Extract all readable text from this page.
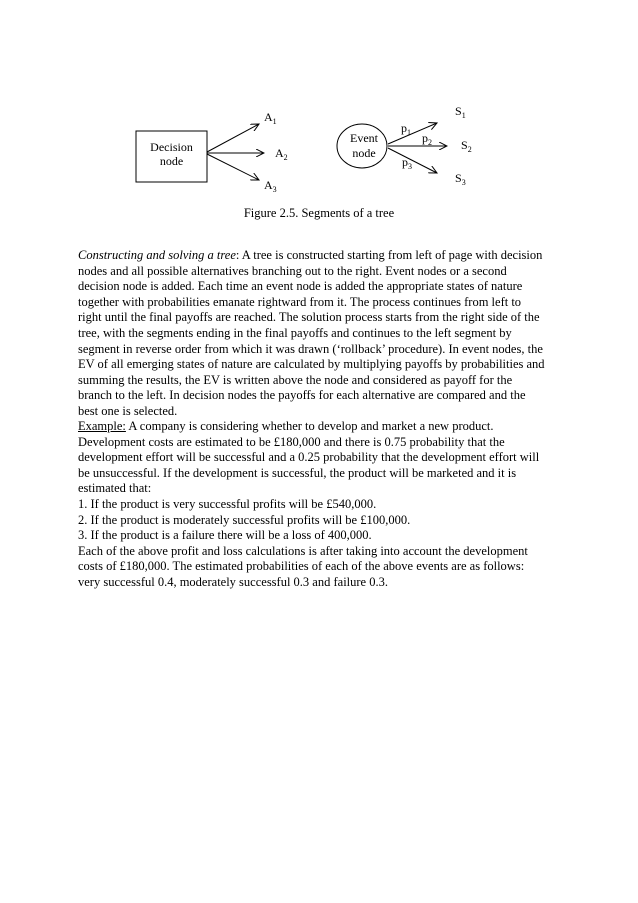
Decision
node
$A_1$
$A_2$
$A_3$
Event
node
$p_1$ $p_2$
$p_3$
$S_1$
$S_2$
$S_3$
Figure 2.5. Segments of a tree
Constructing and solving a tree: A tree is constructed starting from left of page with decision
nodes and all possible alternatives branching out to the right. Event nodes or a second
decision node is added. Each time an event node is added the appropriate states of nature
together with probabilities emanate rightward from it. The process continues from left to
right until the final payoffs are reached. The solution process starts from the right side of the
tree, with the segments ending in the final payoffs and continues to the left segment by
segment in reverse order from which it was drawn (‘rollback’ procedure). In event nodes, the
EV of all emerging states of nature are calculated by multiplying payoffs by probabilities and
summing the results, the EV is written above the node and considered as payoff for the
branch to the left. In decision nodes the payoffs for each alternative are compared and the
best one is selected.
Example: A company is considering whether to develop and market a new product.
Development costs are estimated to be £180,000 and there is 0.75 probability that the
development effort will be successful and a 0.25 probability that the development effort will
be unsuccessful. If the development is successful, the product will be marketed and it is
estimated that:
1. If the product is very successful profits will be £540,000.
2. If the product is moderately successful profits will be £100,000.
3. If the product is a failure there will be a loss of 400,000.
Each of the above profit and loss calculations is after taking into account the development
costs of £180,000. The estimated probabilities of each of the above events are as follows:
very successful 0.4, moderately successful 0.3 and failure 0.3.
